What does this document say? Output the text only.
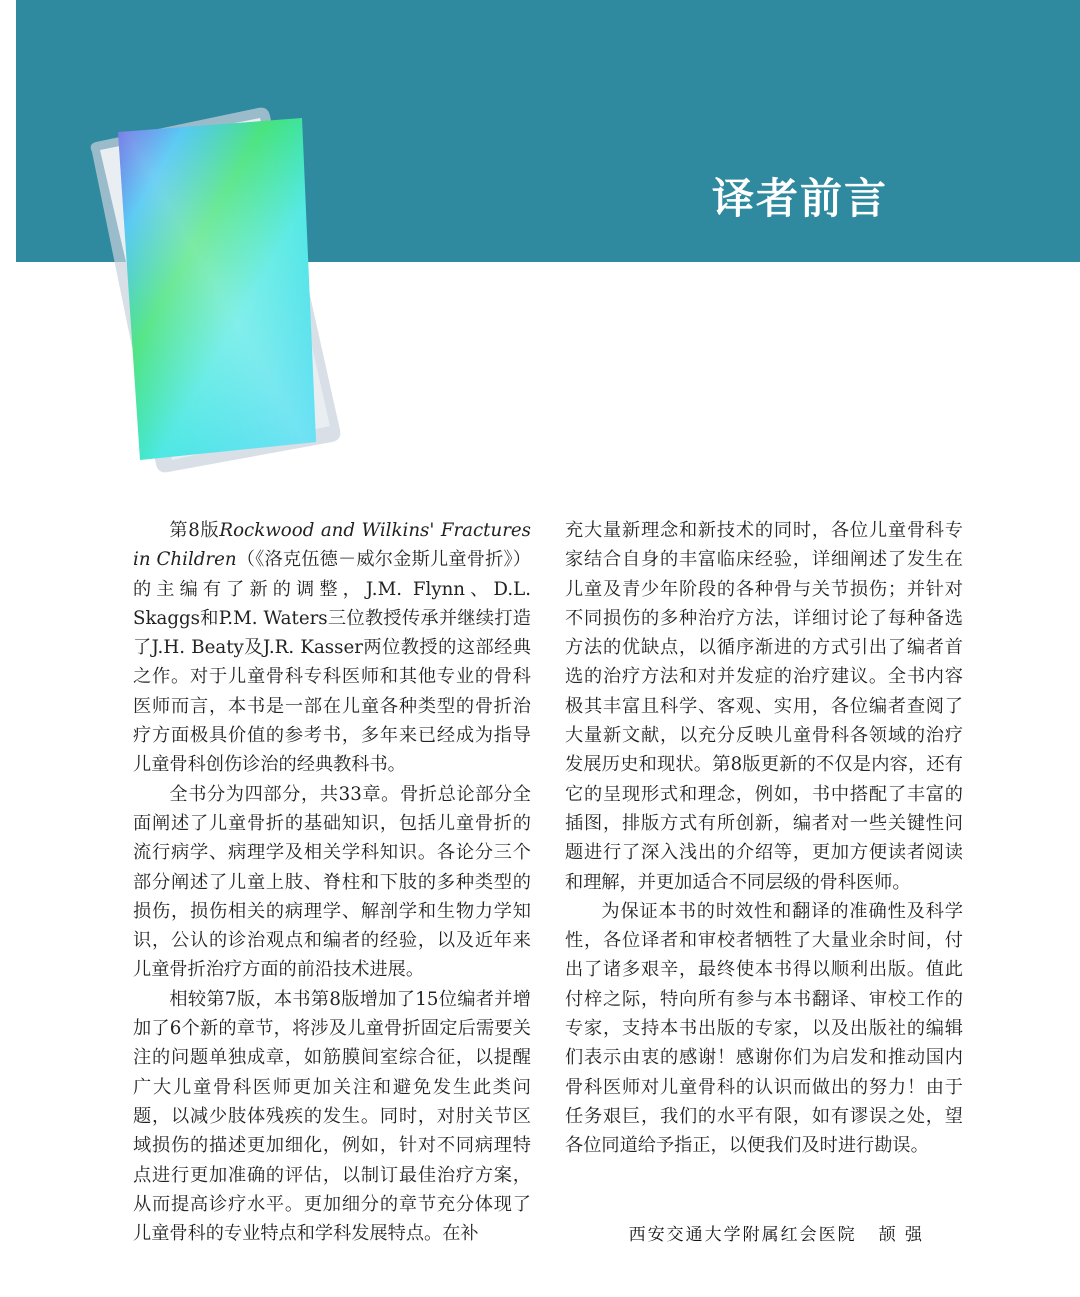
译者前言

第8版Rockwood and Wilkins' Fractures in Children（《洛克伍德－威尔金斯儿童骨折》）的主编有了新的调整，J.M. Flynn、D.L. Skaggs和P.M. Waters三位教授传承并继续打造了J.H. Beaty及J.R. Kasser两位教授的这部经典之作。对于儿童骨科专科医师和其他专业的骨科医师而言，本书是一部在儿童各种类型的骨折治疗方面极具价值的参考书，多年来已经成为指导儿童骨科创伤诊治的经典教科书。

全书分为四部分，共33章。骨折总论部分全面阐述了儿童骨折的基础知识，包括儿童骨折的流行病学、病理学及相关学科知识。各论分三个部分阐述了儿童上肢、脊柱和下肢的多种类型的损伤，损伤相关的病理学、解剖学和生物力学知识，公认的诊治观点和编者的经验，以及近年来儿童骨折治疗方面的前沿技术进展。

相较第7版，本书第8版增加了15位编者并增加了6个新的章节，将涉及儿童骨折固定后需要关注的问题单独成章，如筋膜间室综合征，以提醒广大儿童骨科医师更加关注和避免发生此类问题，以减少肢体残疾的发生。同时，对肘关节区域损伤的描述更加细化，例如，针对不同病理特点进行更加准确的评估，以制订最佳治疗方案，从而提高诊疗水平。更加细分的章节充分体现了儿童骨科的专业特点和学科发展特点。在补

充大量新理念和新技术的同时，各位儿童骨科专家结合自身的丰富临床经验，详细阐述了发生在儿童及青少年阶段的各种骨与关节损伤；并针对不同损伤的多种治疗方法，详细讨论了每种备选方法的优缺点，以循序渐进的方式引出了编者首选的治疗方法和对并发症的治疗建议。全书内容极其丰富且科学、客观、实用，各位编者查阅了大量新文献，以充分反映儿童骨科各领域的治疗发展历史和现状。第8版更新的不仅是内容，还有它的呈现形式和理念，例如，书中搭配了丰富的插图，排版方式有所创新，编者对一些关键性问题进行了深入浅出的介绍等，更加方便读者阅读和理解，并更加适合不同层级的骨科医师。

为保证本书的时效性和翻译的准确性及科学性，各位译者和审校者牺牲了大量业余时间，付出了诸多艰辛，最终使本书得以顺利出版。值此付梓之际，特向所有参与本书翻译、审校工作的专家，支持本书出版的专家，以及出版社的编辑们表示由衷的感谢！感谢你们为启发和推动国内骨科医师对儿童骨科的认识而做出的努力！由于任务艰巨，我们的水平有限，如有谬误之处，望各位同道给予指正，以便我们及时进行勘误。

西安交通大学附属红会医院 颉 强
